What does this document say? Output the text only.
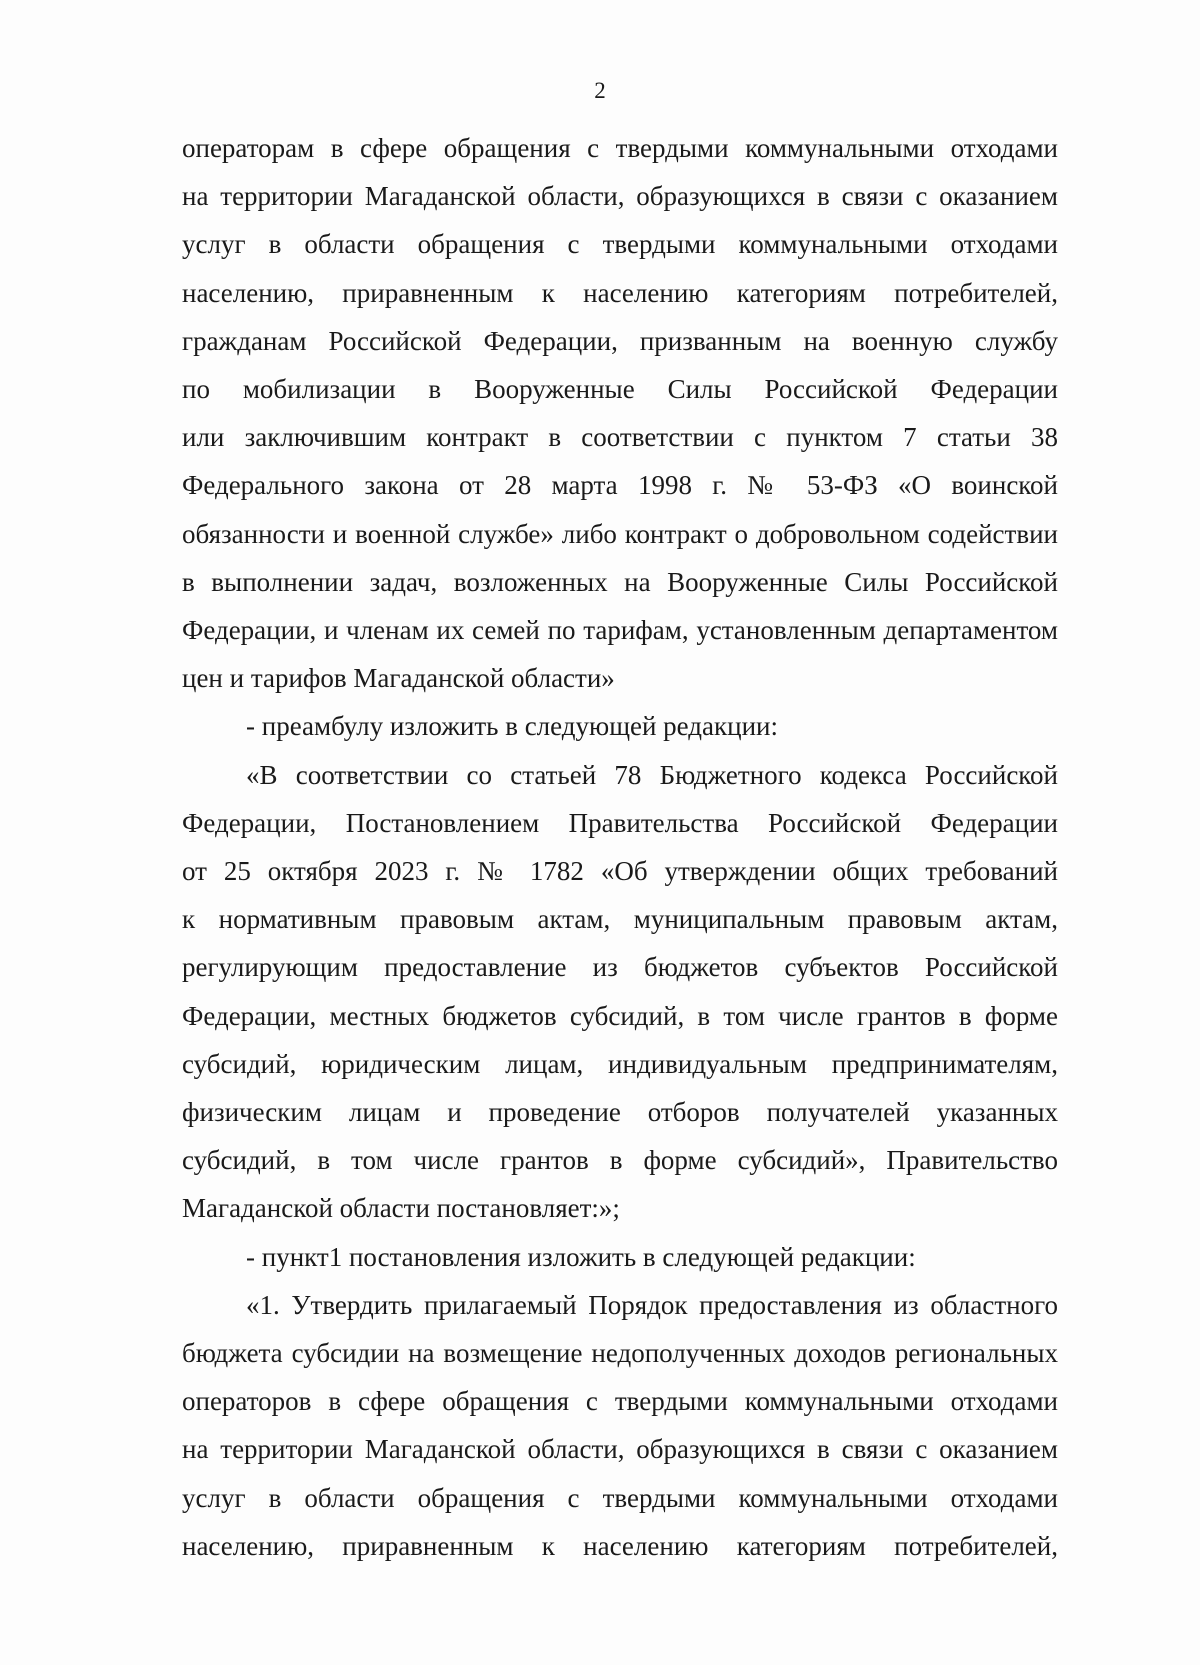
2

операторам в сфере обращения с твердыми коммунальными отходами

на территории Магаданской области, образующихся в связи с оказанием

услуг в области обращения с твердыми коммунальными отходами

населению, приравненным к населению категориям потребителей,

гражданам Российской Федерации, призванным на военную службу

по мобилизации в Вооруженные Силы Российской Федерации

или заключившим контракт в соответствии с пунктом 7 статьи 38

Федерального закона от 28 марта 1998 г. № 53-ФЗ «О воинской

обязанности и военной службе» либо контракт о добровольном содействии

в выполнении задач, возложенных на Вооруженные Силы Российской

Федерации, и членам их семей по тарифам, установленным департаментом

цен и тарифов Магаданской области»

- преамбулу изложить в следующей редакции:

«В соответствии со статьей 78 Бюджетного кодекса Российской

Федерации, Постановлением Правительства Российской Федерации

от 25 октября 2023 г. № 1782 «Об утверждении общих требований

к нормативным правовым актам, муниципальным правовым актам,

регулирующим предоставление из бюджетов субъектов Российской

Федерации, местных бюджетов субсидий, в том числе грантов в форме

субсидий, юридическим лицам, индивидуальным предпринимателям,

физическим лицам и проведение отборов получателей указанных

субсидий, в том числе грантов в форме субсидий», Правительство

Магаданской области постановляет:»;

- пункт1 постановления изложить в следующей редакции:

«1. Утвердить прилагаемый Порядок предоставления из областного

бюджета субсидии на возмещение недополученных доходов региональных

операторов в сфере обращения с твердыми коммунальными отходами

на территории Магаданской области, образующихся в связи с оказанием

услуг в области обращения с твердыми коммунальными отходами

населению, приравненным к населению категориям потребителей,
